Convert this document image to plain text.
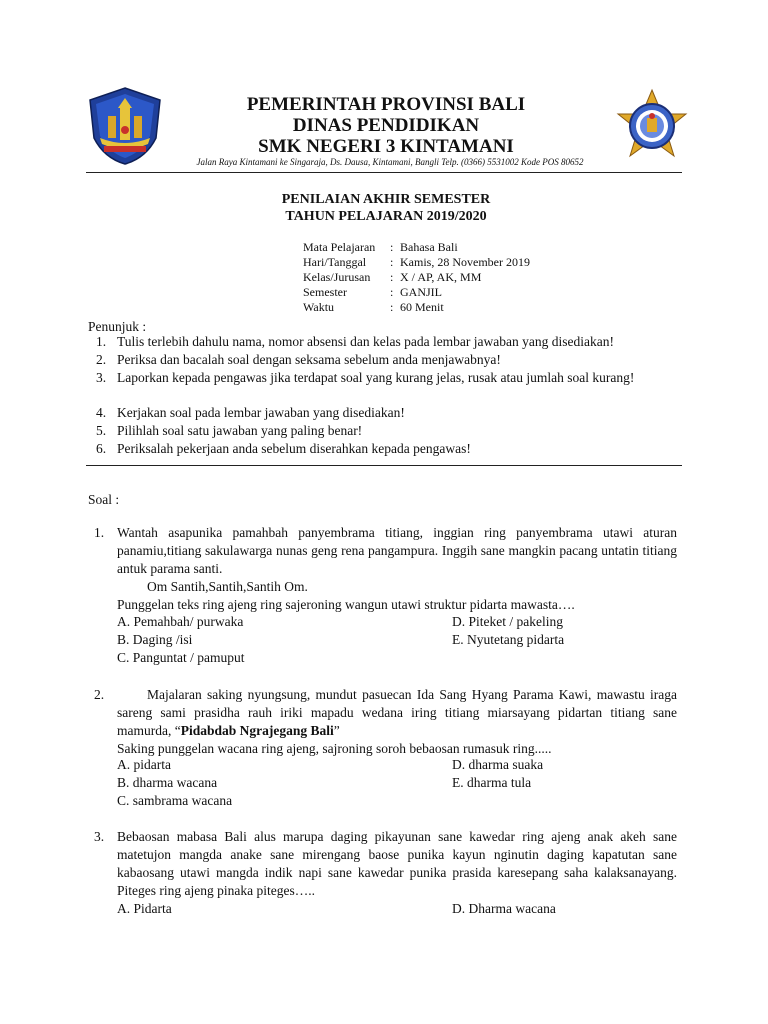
PEMERINTAH PROVINSI BALI
DINAS PENDIDIKAN
SMK NEGERI 3 KINTAMANI
Jalan Raya Kintamani ke Singaraja, Ds. Dausa, Kintamani, Bangli Telp. (0366) 5531002 Kode POS 80652
PENILAIAN AKHIR SEMESTER
TAHUN PELAJARAN 2019/2020
Mata Pelajaran : Bahasa Bali
Hari/Tanggal : Kamis, 28 November 2019
Kelas/Jurusan : X / AP, AK, MM
Semester	: GANJIL
Waktu	: 60 Menit
Penunjuk :
1. Tulis terlebih dahulu nama, nomor absensi dan kelas pada lembar jawaban yang disediakan!
2. Periksa dan bacalah soal dengan seksama sebelum anda menjawabnya!
3. Laporkan kepada pengawas jika terdapat soal yang kurang jelas, rusak atau jumlah soal kurang!
4. Kerjakan soal pada lembar jawaban yang disediakan!
5. Pilihlah soal satu jawaban yang paling benar!
6. Periksalah pekerjaan anda sebelum diserahkan kepada pengawas!
Soal :
1. Wantah asapunika pamahbah panyembrama titiang, inggian ring panyembrama utawi aturan panamiu,titiang sakulawarga nunas geng rena pangampura. Inggih sane mangkin pacang untatin titiang antuk parama santi.
Om Santih,Santih,Santih Om.
Punggelan teks ring ajeng ring sajeroning wangun utawi struktur pidarta mawasta….
A. Pemahbah/ purwaka	D. Piteket / pakeling
B. Daging /isi	E. Nyutetang pidarta
C. Panguntat / pamuput
2.	Majalaran saking nyungsung, mundut pasuecan Ida Sang Hyang Parama Kawi, mawastu iraga sareng sami prasidha rauh iriki mapadu wedana iring titiang miarsayang pidartan titiang sane mamurda, “Pidabdab Ngrajegang Bali”
Saking punggelan wacana ring ajeng, sajroning soroh bebaosan rumasuk ring.....
A. pidarta	D. dharma suaka
B. dharma wacana	E. dharma tula
C. sambrama wacana
3. Bebaosan mabasa Bali alus marupa daging pikayunan sane kawedar ring ajeng anak akeh sane matetujon mangda anake sane mirengang baose punika kayun nginutin daging kapatutan sane kabaosang utawi mangda indik napi sane kawedar punika prasida karesepang saha kalaksanayang. Piteges ring ajeng pinaka piteges…..
A. Pidarta	D. Dharma wacana
